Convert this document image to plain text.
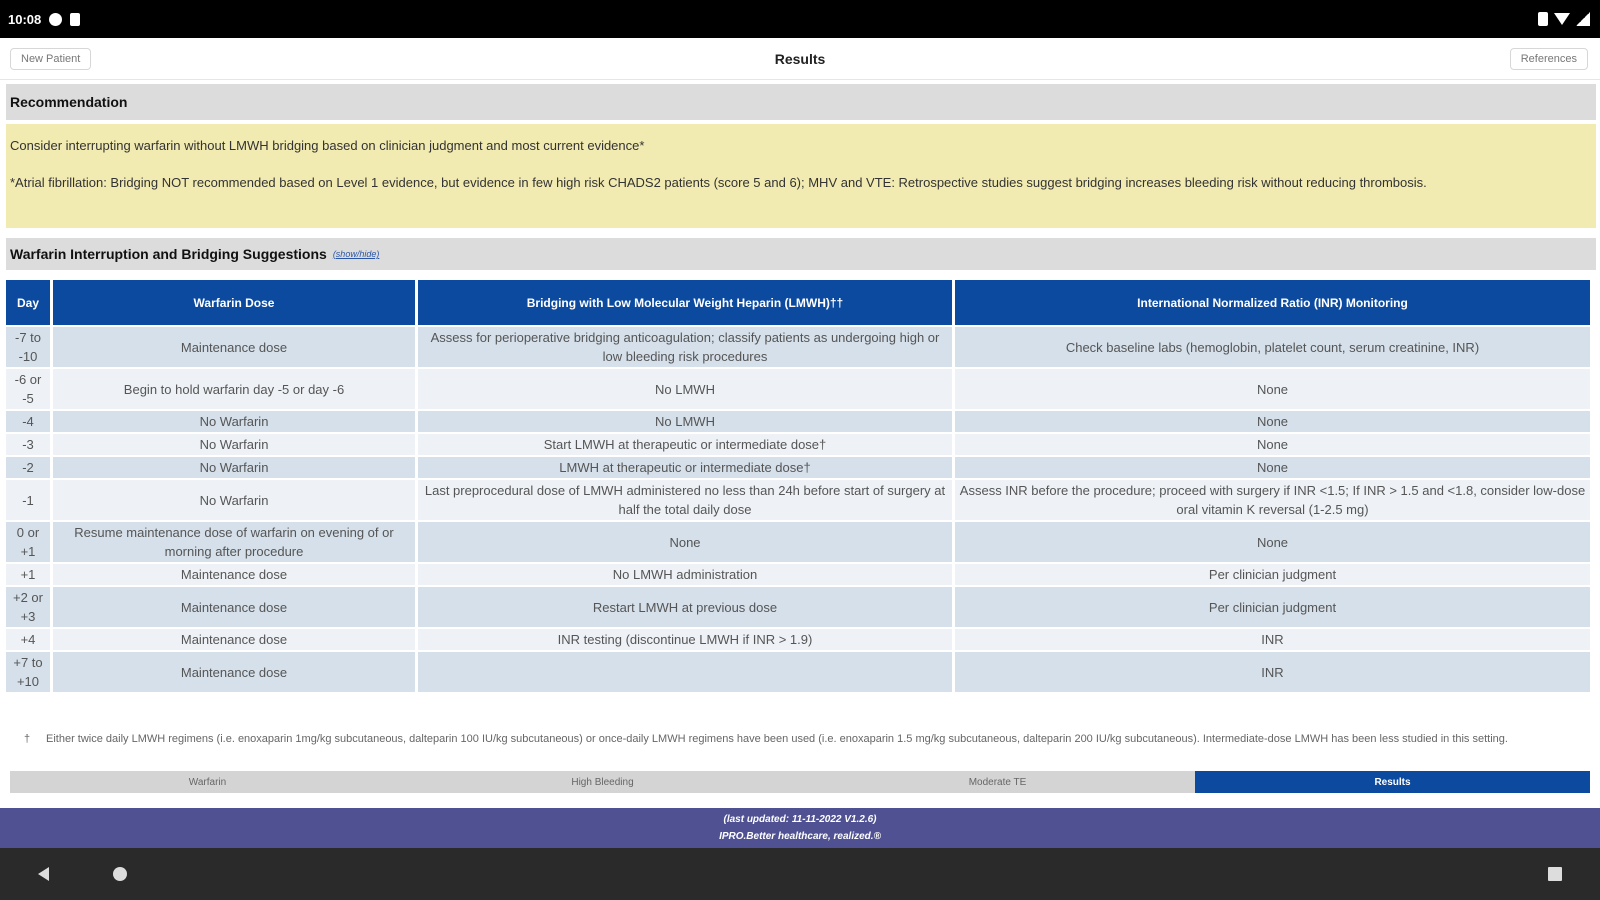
10:08
New Patient	Results	References
Recommendation

Consider interrupting warfarin without LMWH bridging based on clinician judgment and most current evidence*

*Atrial fibrillation: Bridging NOT recommended based on Level 1 evidence, but evidence in few high risk CHADS2 patients (score 5 and 6); MHV and VTE: Retrospective studies suggest bridging increases bleeding risk without reducing thrombosis.

Warfarin Interruption and Bridging Suggestions (show/hide)
Day	Warfarin Dose	Bridging with Low Molecular Weight Heparin (LMWH)††	International Normalized Ratio (INR) Monitoring
-7 to -10	Maintenance dose	Assess for perioperative bridging anticoagulation; classify patients as undergoing high or low bleeding risk procedures	Check baseline labs (hemoglobin, platelet count, serum creatinine, INR)
-6 or -5	Begin to hold warfarin day -5 or day -6	No LMWH	None
-4	No Warfarin	No LMWH	None
-3	No Warfarin	Start LMWH at therapeutic or intermediate dose†	None
-2	No Warfarin	LMWH at therapeutic or intermediate dose†	None
-1	No Warfarin	Last preprocedural dose of LMWH administered no less than 24h before start of surgery at half the total daily dose	Assess INR before the procedure; proceed with surgery if INR <1.5; If INR > 1.5 and <1.8, consider low-dose oral vitamin K reversal (1-2.5 mg)
0 or +1	Resume maintenance dose of warfarin on evening of or morning after procedure	None	None
+1	Maintenance dose	No LMWH administration	Per clinician judgment
+2 or +3	Maintenance dose	Restart LMWH at previous dose	Per clinician judgment
+4	Maintenance dose	INR testing (discontinue LMWH if INR > 1.9)	INR
+7 to +10	Maintenance dose		INR
† Either twice daily LMWH regimens (i.e. enoxaparin 1mg/kg subcutaneous, dalteparin 100 IU/kg subcutaneous) or once-daily LMWH regimens have been used (i.e. enoxaparin 1.5 mg/kg subcutaneous, dalteparin 200 IU/kg subcutaneous). Intermediate-dose LMWH has been less studied in this setting.
Warfarin	High Bleeding	Moderate TE	Results
(last updated: 11-11-2022 V1.2.6)
IPRO.Better healthcare, realized.®
